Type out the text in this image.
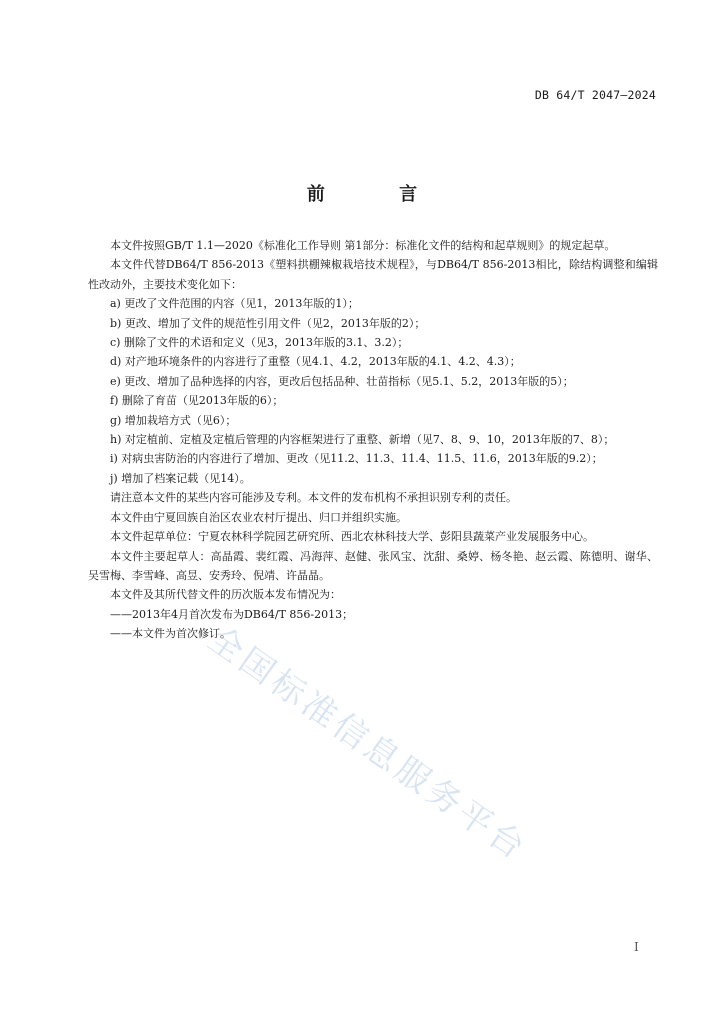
DB 64/T 2047—2024
前 言
全国标准信息服务平台

本文件按照GB/T 1.1—2020《标准化工作导则 第1部分：标准化文件的结构和起草规则》的规定起草。

本文件代替DB64/T 856-2013《塑料拱棚辣椒栽培技术规程》，与DB64/T 856-2013相比，除结构调整和编辑性改动外，主要技术变化如下：

a) 更改了文件范围的内容（见1，2013年版的1）；

b) 更改、增加了文件的规范性引用文件（见2，2013年版的2）；

c) 删除了文件的术语和定义（见3，2013年版的3.1、3.2）；

d) 对产地环境条件的内容进行了重整（见4.1、4.2，2013年版的4.1、4.2、4.3）；

e) 更改、增加了品种选择的内容，更改后包括品种、壮苗指标（见5.1、5.2，2013年版的5）；

f) 删除了育苗（见2013年版的6）；

g) 增加栽培方式（见6）；

h) 对定植前、定植及定植后管理的内容框架进行了重整、新增（见7、8、9、10，2013年版的7、8）；

i) 对病虫害防治的内容进行了增加、更改（见11.2、11.3、11.4、11.5、11.6，2013年版的9.2）；

j) 增加了档案记载（见14）。

请注意本文件的某些内容可能涉及专利。本文件的发布机构不承担识别专利的责任。

本文件由宁夏回族自治区农业农村厅提出、归口并组织实施。

本文件起草单位：宁夏农林科学院园艺研究所、西北农林科技大学、彭阳县蔬菜产业发展服务中心。

本文件主要起草人：高晶霞、裴红霞、冯海萍、赵健、张风宝、沈甜、桑婷、杨冬艳、赵云霞、陈德明、谢华、吴雪梅、李雪峰、高昱、安秀玲、倪靖、许晶晶。

本文件及其所代替文件的历次版本发布情况为：

——2013年4月首次发布为DB64/T 856-2013；

——本文件为首次修订。

I
